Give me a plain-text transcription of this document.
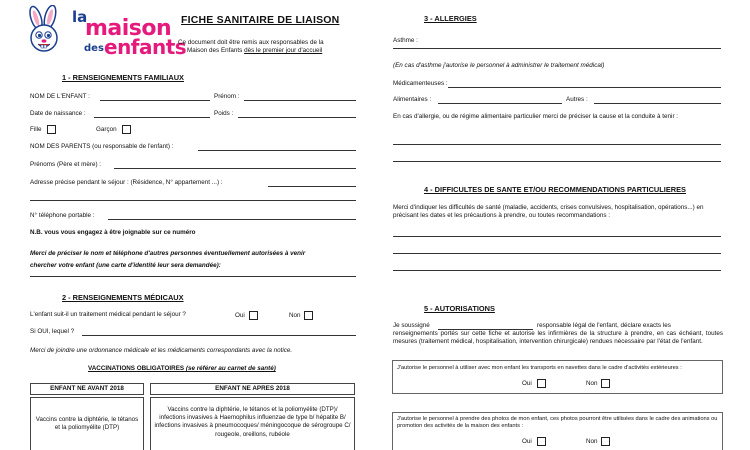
la
maison
des enfants
FICHE SANITAIRE DE LIAISON
Ce document doit être remis aux responsables de la
Maison des Enfants dès le premier jour d'accueil
1 - RENSEIGNEMENTS FAMILIAUX
NOM DE L'ENFANT :	Prénom :
Date de naissance :	Poids :
Fille	Garçon
NOM DES PARENTS (ou responsable de l'enfant) :
Prénoms (Père et mère) :
Adresse précise pendant le séjour : (Résidence, N° appartement ...) :
N° téléphone portable :
N.B. vous vous engagez à être joignable sur ce numéro
Merci de préciser le nom et téléphone d'autres personnes éventuellement autorisées à venir
chercher votre enfant (une carte d'identité leur sera demandée):
2 - RENSEIGNEMENTS MÉDICAUX
L'enfant suit-il un traitement médical pendant le séjour ?	Oui	Non
Si OUI, lequel ?
Merci de joindre une ordonnance médicale et les médicaments correspondants avec la notice.
VACCINATIONS OBLIGATOIRES (se référer au carnet de santé)
ENFANT NE AVANT 2018
Vaccins contre la diphtérie, le tétanos et la poliomyélite (DTP)
ENFANT NE APRES 2018
Vaccins contre la diphtérie, le tétanos et la poliomyélite (DTP)/ infections invasives à Haemophilus influenzae de type b/ hépatite B/ infections invasives à pneumocoques/ méningocoque de sérogroupe C/ rougeole, oreillons, rubéole
3 - ALLERGIES
Asthme :
(En cas d'asthme j'autorise le personnel à administrer le traitement médical)
Médicamenteuses :
Alimentaires :	Autres :
En cas d'allergie, ou de régime alimentaire particulier merci de préciser la cause et la conduite à tenir :
4 - DIFFICULTES DE SANTE ET/OU RECOMMENDATIONS PARTICULIERES
Merci d'indiquer les difficultés de santé (maladie, accidents, crises convulsives, hospitalisation, opérations...) en précisant les dates et les précautions à prendre, ou toutes recommandations :
5 - AUTORISATIONS
Je soussigné	responsable légal de l'enfant, déclare exacts les
renseignements portés sur cette fiche et autorise les infirmières de la structure à prendre, en cas échéant, toutes mesures (traitement médical, hospitalisation, intervention chirurgicale) rendues nécessaire par l'état de l'enfant.
J'autorise le personnel à utiliser avec mon enfant les transports en navettes dans le cadre d'activités extérieures :
Oui	Non
J'autorise le personnel à prendre des photos de mon enfant, ces photos pourront être utilisées dans le cadre des animations ou promotion des activités de la maison des enfants :
Oui	Non
